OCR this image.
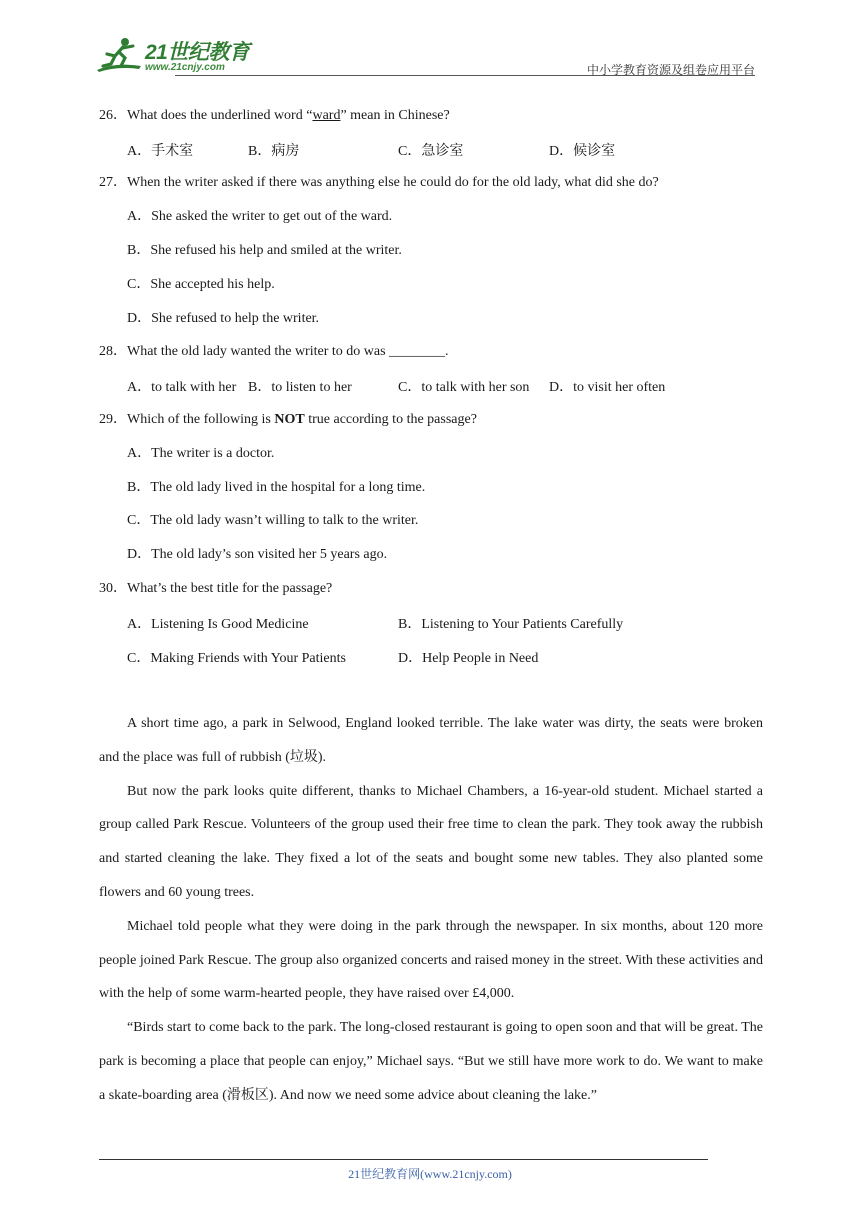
21世纪教育
www.21cnjy.com	中小学教育资源及组卷应用平台
26．What does the underlined word “ward” mean in Chinese?
A．手术室	B．病房	C．急诊室	D．候诊室
27．When the writer asked if there was anything else he could do for the old lady, what did she do?
A．She asked the writer to get out of the ward.
B．She refused his help and smiled at the writer.
C．She accepted his help.
D．She refused to help the writer.
28．What the old lady wanted the writer to do was ________.
A．to talk with her B．to listen to her	C．to talk with her son D．to visit her often
29．Which of the following is NOT true according to the passage?
A．The writer is a doctor.
B．The old lady lived in the hospital for a long time.
C．The old lady wasn’t willing to talk to the writer.
D．The old lady’s son visited her 5 years ago.
30．What’s the best title for the passage?
A．Listening Is Good Medicine	B．Listening to Your Patients Carefully
C．Making Friends with Your Patients	D．Help People in Need

A short time ago, a park in Selwood, England looked terrible. The lake water was dirty, the seats were broken and the place was full of rubbish (垃圾).

But now the park looks quite different, thanks to Michael Chambers, a 16-year-old student. Michael started a group called Park Rescue. Volunteers of the group used their free time to clean the park. They took away the rubbish and started cleaning the lake. They fixed a lot of the seats and bought some new tables. They also planted some flowers and 60 young trees.

Michael told people what they were doing in the park through the newspaper. In six months, about 120 more people joined Park Rescue. The group also organized concerts and raised money in the street. With these activities and with the help of some warm-hearted people, they have raised over £4,000.

“Birds start to come back to the park. The long-closed restaurant is going to open soon and that will be great. The park is becoming a place that people can enjoy,” Michael says. “But we still have more work to do. We want to make a skate-boarding area (滑板区). And now we need some advice about cleaning the lake.”

21世纪教育网(www.21cnjy.com)
